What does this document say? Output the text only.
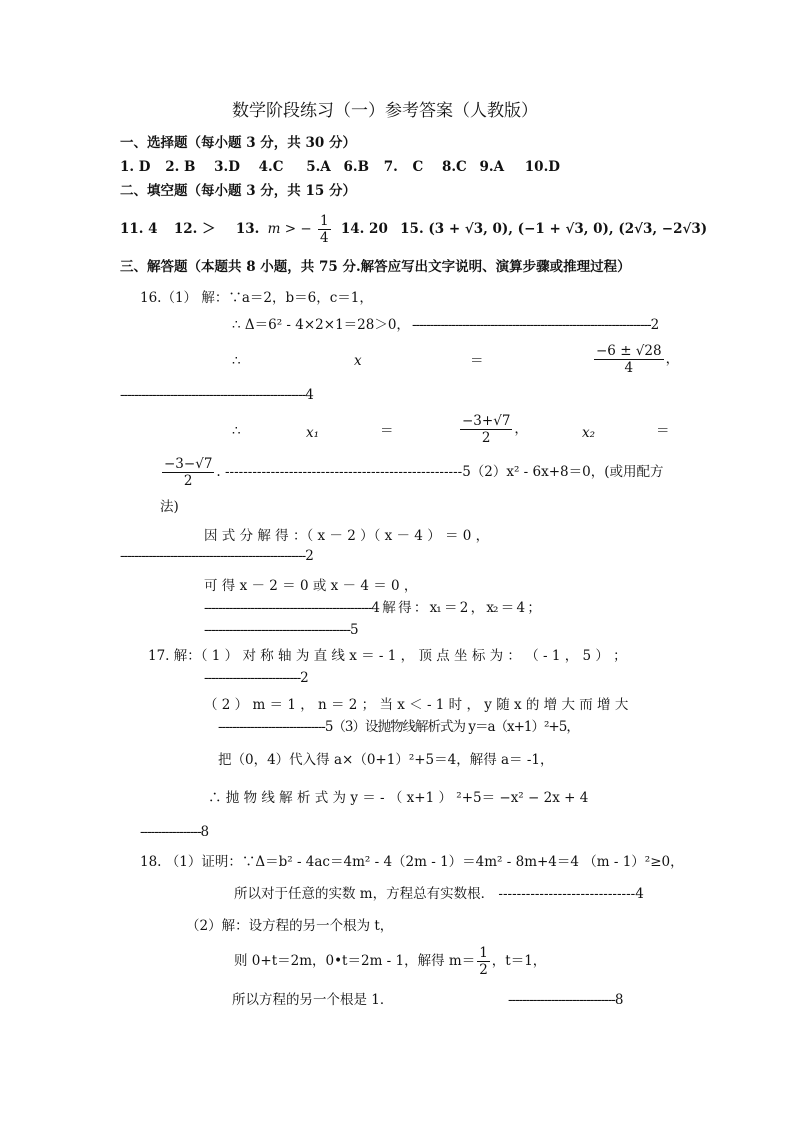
数学阶段练习（一）参考答案（人教版）
一、选择题（每小题 3 分，共 30 分）
1. D 2. B 3.D 4.C 5.A 6.B 7. C 8.C 9.A 10.D
二、填空题（每小题 3 分，共 15 分）
11. 4 12. ＞ 13. m > − $\frac{1}{4} 14$. 20 15. (3 + √3, 0), (−1 + √3, 0), (2√3, −2√3)
三、解答题（本题共 8 小题，共 75 分.解答应写出文字说明、演算步骤或推理过程）
16.（1） 解：∵a＝2，b＝6，c＝1，
∴ Δ＝6² - 4×2×1＝28＞0， -------------------------------------------------------------------2
∴	x	＝	$\frac{-6 \pm √28}{4}$ ，
----------------------------------------------------4
∴	x₁	＝	$\frac{-3+√7}{2}$ ，	x₂	＝
$\frac{-3-√7}{2}$ . ----------------------------------------------------5（2）x² - 6x+8＝0，(或用配方
法)
因 式 分 解 得 ：（ x － 2 ）（ x － 4 ） ＝ 0 ，
----------------------------------------------------2
可 得 x － 2 ＝ 0 或 x － 4 ＝ 0 ，
-----------------------------------------------4 解 得 ： x₁ ＝ 2 ， x₂ ＝ 4 ；
-----------------------------------------5
17. 解：（ 1 ） 对 称 轴 为 直 线 x ＝ - 1 ， 顶 点 坐 标 为 ： （ - 1 ， 5 ） ；
---------------------------2
（ 2 ） m ＝ 1 ， n ＝ 2 ； 当 x ＜ - 1 时 ， y 随 x 的 增 大 而 增 大
------------------------------5（3）设抛物线解析式为 y＝a（x+1）²+5，
把（0，4）代入得 a×（0+1）²+5＝4，解得 a＝ -1，
∴ 抛 物 线 解 析 式 为 y ＝ - （ x+1 ） ²+5＝ −x² − 2x + 4
-----------------8
18. （1）证明：∵Δ＝b² - 4ac＝4m² - 4（2m - 1）＝4m² - 8m+4＝4 （m - 1）²≥0，
所以对于任意的实数 m，方程总有实数根． ------------------------------4
（2）解：设方程的另一个根为 t，
则 0+t＝2m，0•t＝2m - 1，解得 $m= \frac{1}{2}$ ，t＝1，
所以方程的另一个根是 1．	------------------------------8
